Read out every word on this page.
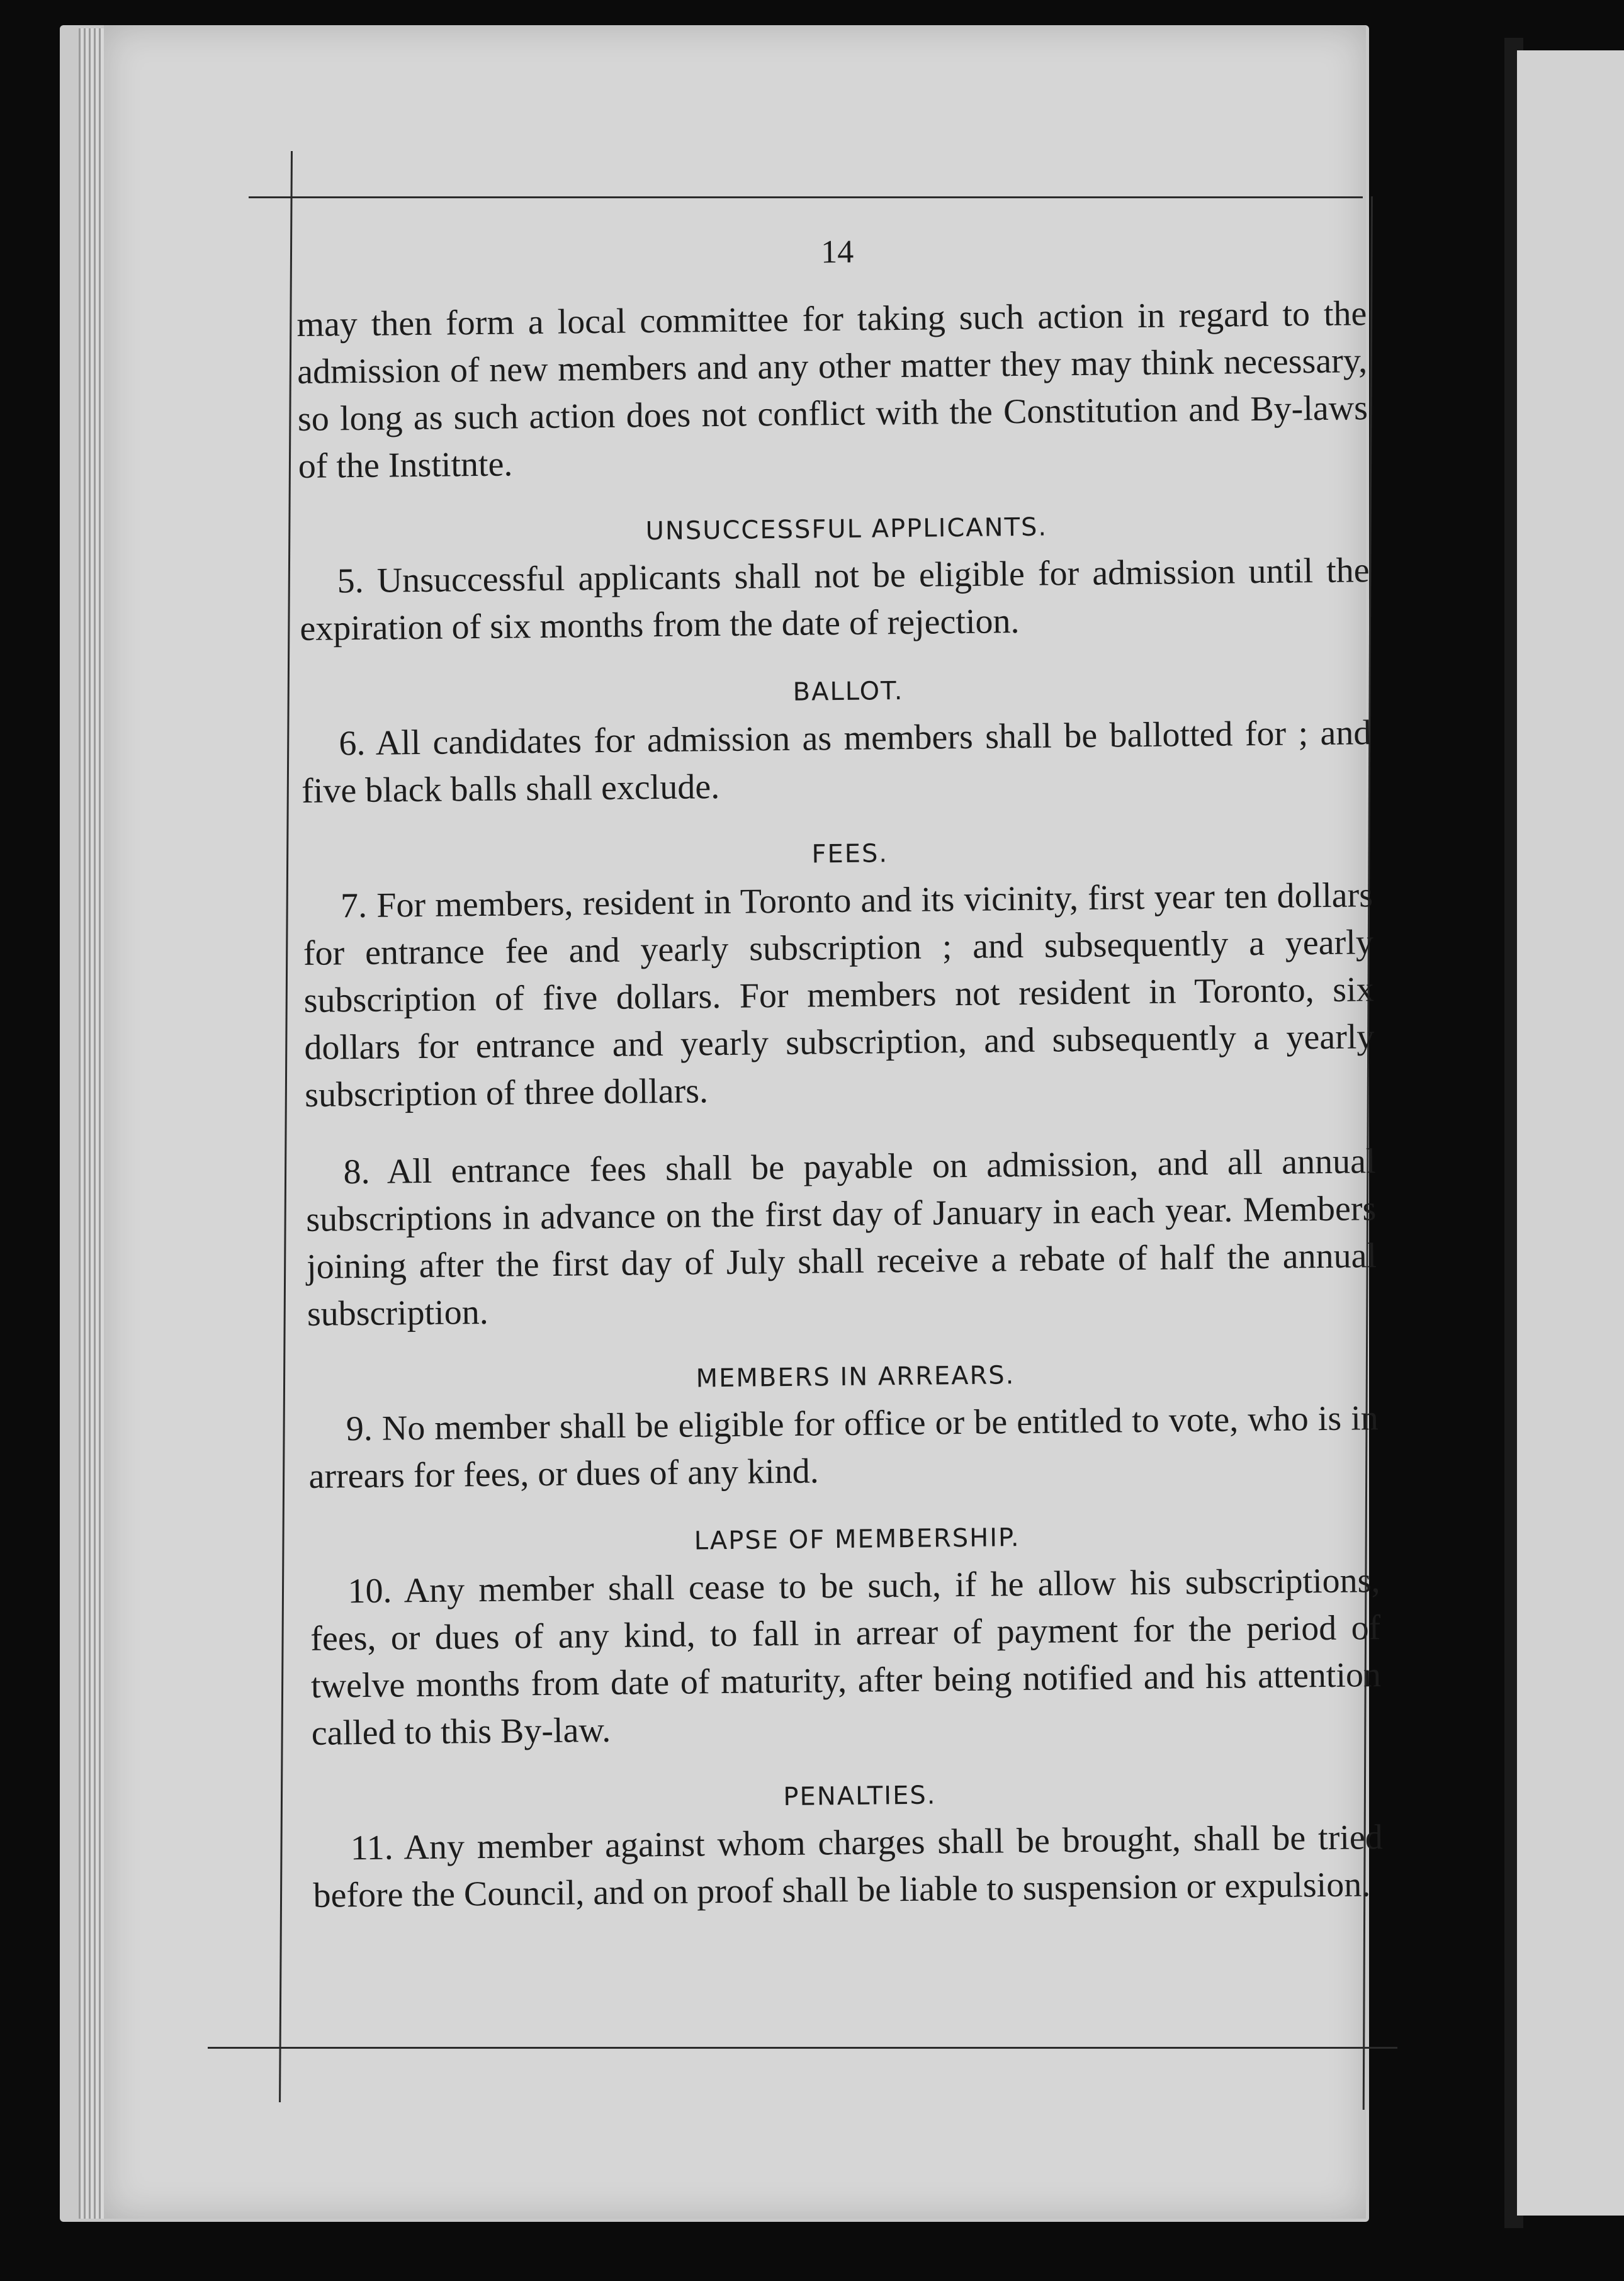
14

may then form a local committee for taking such action in regard to the admission of new members and any other matter they may think necessary, so long as such action does not conflict with the Constitution and By-laws of the Institnte.

UNSUCCESSFUL APPLICANTS.

5. Unsuccessful applicants shall not be eligible for admission until the expiration of six months from the date of rejection.

BALLOT.

6. All candidates for admission as members shall be ballotted for ; and five black balls shall exclude.

FEES.

7. For members, resident in Toronto and its vicinity, first year ten dollars for entrance fee and yearly subscription ; and subsequently a yearly subscription of five dollars. For members not resident in Toronto, six dollars for entrance and yearly subscription, and subsequently a yearly subscription of three dollars.

8. All entrance fees shall be payable on admission, and all annual subscriptions in advance on the first day of January in each year. Members joining after the first day of July shall receive a rebate of half the annual subscription.

MEMBERS IN ARREARS.

9. No member shall be eligible for office or be entitled to vote, who is in arrears for fees, or dues of any kind.

LAPSE OF MEMBERSHIP.

10. Any member shall cease to be such, if he allow his subscriptions, fees, or dues of any kind, to fall in arrear of payment for the period of twelve months from date of maturity, after being notified and his attention called to this By-law.

PENALTIES.

11. Any member against whom charges shall be brought, shall be tried before the Council, and on proof shall be liable to suspension or expulsion.
